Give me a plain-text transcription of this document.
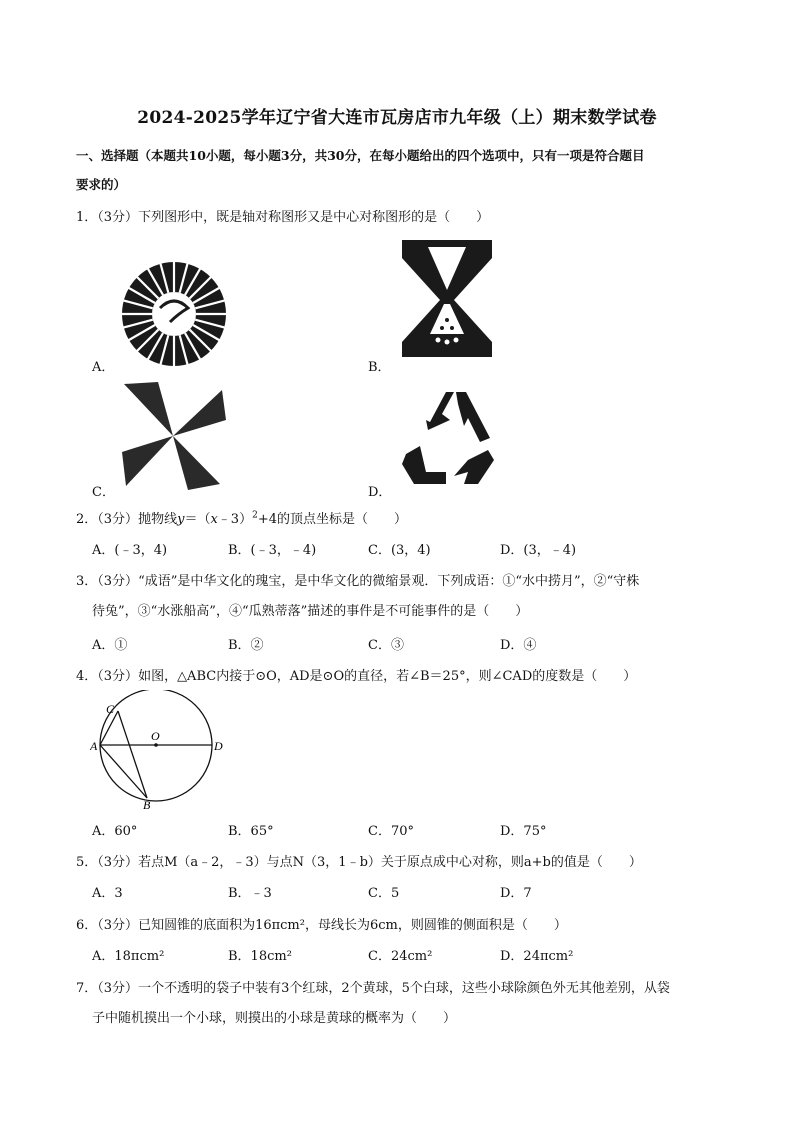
2024-2025学年辽宁省大连市瓦房店市九年级（上）期末数学试卷
一、选择题（本题共10小题，每小题3分，共30分，在每小题给出的四个选项中，只有一项是符合题目
要求的）
1．（3分）下列图形中，既是轴对称图形又是中心对称图形的是（　　）
A．	B．
C．	D．
2．（3分）抛物线y＝（x﹣3）$^2$+4的顶点坐标是（　　）
A．(﹣3，4)	B．(﹣3，﹣4)	C．(3，4)	D．(3，﹣4)
3．（3分）“成语”是中华文化的瑰宝，是中华文化的微缩景观．下列成语：①“水中捞月”，②“守株
待兔”，③“水涨船高”，④“瓜熟蒂落”描述的事件是不可能事件的是（　　）
A．①	B．②	C．③	D．④
4．（3分）如图，△ABC内接于⊙O，AD是⊙O的直径，若∠B＝25°，则∠CAD的度数是（　　）
C
A
O
D
B
A．60°	B．65°	C．70°	D．75°
5．（3分）若点M（a﹣2，﹣3）与点N（3，1﹣b）关于原点成中心对称，则a+b的值是（　　）
A．3	B．﹣3	C．5	D．7
6．（3分）已知圆锥的底面积为16πcm²，母线长为6cm，则圆锥的侧面积是（　　）
A．18πcm²	B．18cm²	C．24cm²	D．24πcm²
7．（3分）一个不透明的袋子中装有3个红球，2个黄球，5个白球，这些小球除颜色外无其他差别，从袋
子中随机摸出一个小球，则摸出的小球是黄球的概率为（　　）
